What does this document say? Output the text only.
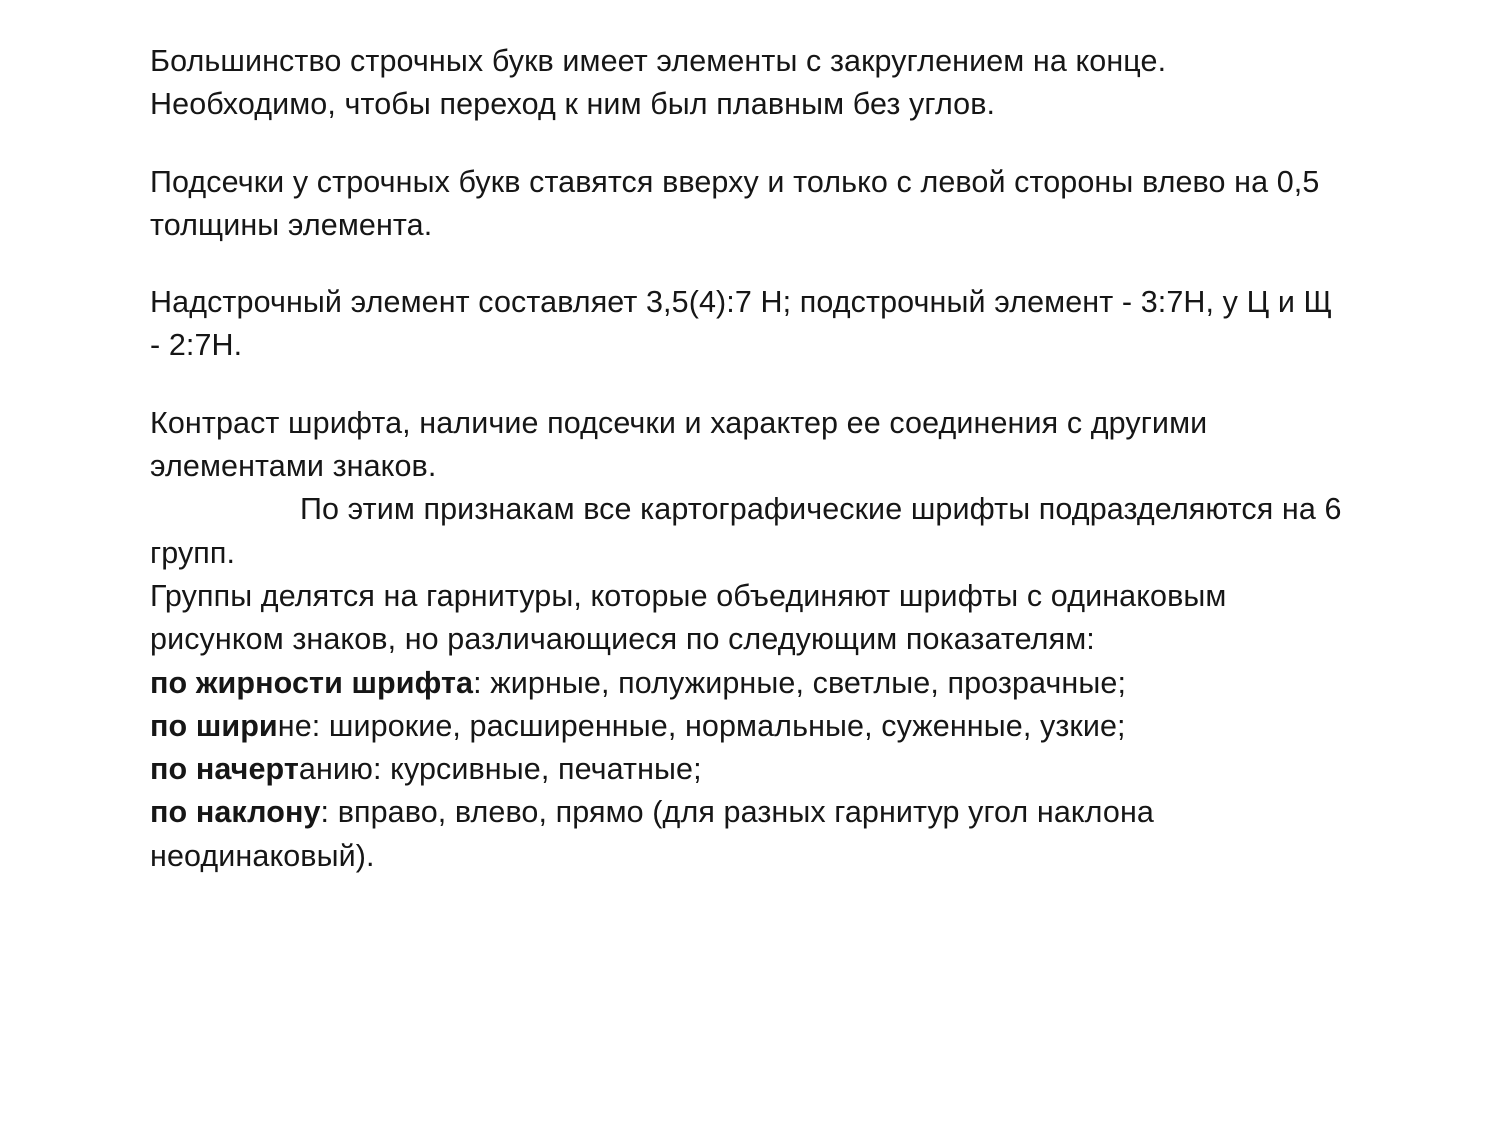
Большинство строчных букв имеет элементы с закруглением на конце. Необходимо, чтобы переход к ним был плавным без углов.

Подсечки у строчных букв ставятся вверху и только с левой стороны влево на 0,5 толщины элемента.

Надстрочный элемент составляет 3,5(4):7 Н; подстрочный элемент - 3:7Н, у Ц и Щ - 2:7Н.

Контраст шрифта, наличие подсечки и характер ее соединения с другими элементами знаков.

По этим признакам все картографические шрифты подразделяются на 6 групп.

Группы делятся на гарнитуры, которые объединяют шрифты с одинаковым рисунком знаков, но различающиеся по следующим показателям:

по жирности шрифта: жирные, полужирные, светлые, прозрачные;

по ширине: широкие, расширенные, нормальные, суженные, узкие;

по начертанию: курсивные, печатные;

по наклону: вправо, влево, прямо (для разных гарнитур угол наклона неодинаковый).
